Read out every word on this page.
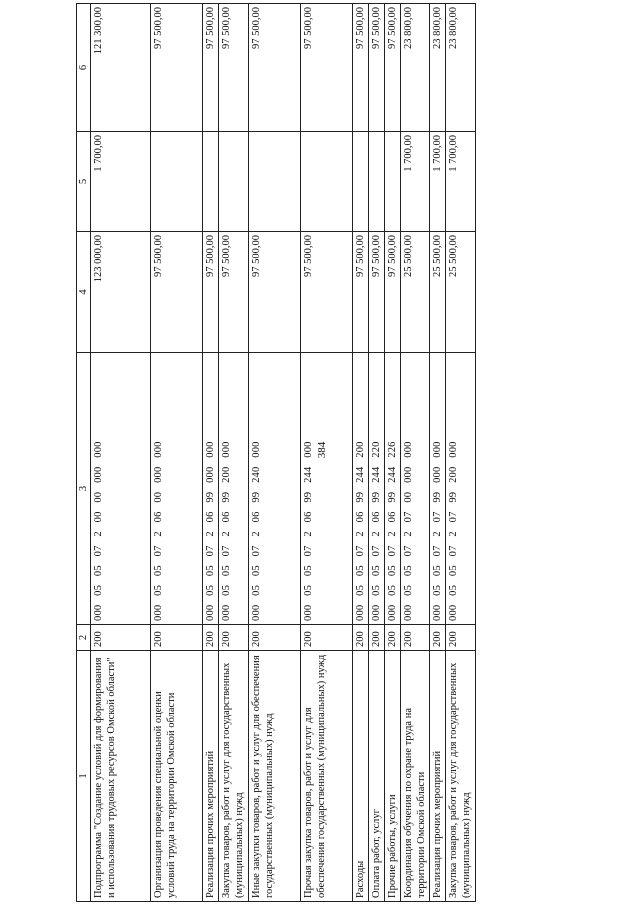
384
1	2	3	4	5	6
Подпрограмма "Создание условий для формирования и использования трудовых ресурсов Омской области"	200	000 05 05 07 2 00 00 000 000	123 000,00	1 700,00	121 300,00
Организация проведения специальной оценки условий труда на территории Омской области	200	000 05 05 07 2 06 00 000 000	97 500,00		97 500,00
Реализация прочих мероприятий	200	000 05 05 07 2 06 99 000 000	97 500,00		97 500,00
Закупка товаров, работ и услуг для государственных (муниципальных) нужд	200	000 05 05 07 2 06 99 200 000	97 500,00		97 500,00
Иные закупки товаров, работ и услуг для обеспечения государственных (муниципальных) нужд	200	000 05 05 07 2 06 99 240 000	97 500,00		97 500,00
Прочая закупка товаров, работ и услуг для обеспечения государственных (муниципальных) нужд	200	000 05 05 07 2 06 99 244 000	97 500,00		97 500,00
Расходы	200	000 05 05 07 2 06 99 244 200	97 500,00		97 500,00
Оплата работ, услуг	200	000 05 05 07 2 06 99 244 220	97 500,00		97 500,00
Прочие работы, услуги	200	000 05 05 07 2 06 99 244 226	97 500,00		97 500,00
Координация обучения по охране труда на территории Омской области	200	000 05 05 07 2 07 00 000 000	25 500,00	1 700,00	23 800,00
Реализация прочих мероприятий	200	000 05 05 07 2 07 99 000 000	25 500,00	1 700,00	23 800,00
Закупка товаров, работ и услуг для государственных (муниципальных) нужд	200	000 05 05 07 2 07 99 200 000	25 500,00	1 700,00	23 800,00
